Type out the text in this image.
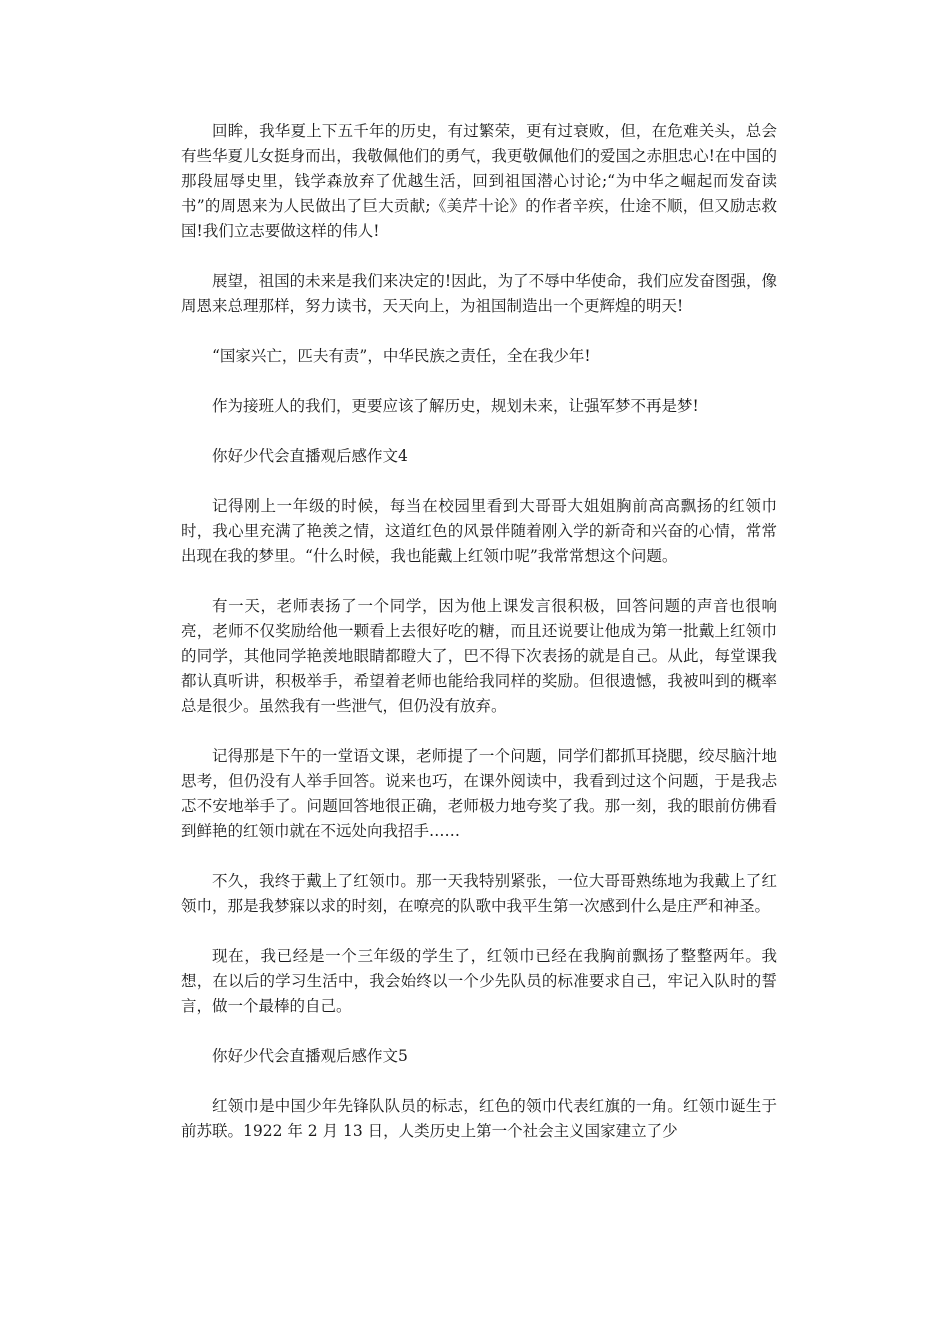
回眸，我华夏上下五千年的历史，有过繁荣，更有过衰败，但，在危难关头，总会有些华夏儿女挺身而出，我敬佩他们的勇气，我更敬佩他们的爱国之赤胆忠心!在中国的那段屈辱史里，钱学森放弃了优越生活，回到祖国潜心讨论;“为中华之崛起而发奋读书”的周恩来为人民做出了巨大贡献;《美芹十论》的作者辛疾，仕途不顺，但又励志救国!我们立志要做这样的伟人!

展望，祖国的未来是我们来决定的!因此，为了不辱中华使命，我们应发奋图强，像周恩来总理那样，努力读书，天天向上，为祖国制造出一个更辉煌的明天!

“国家兴亡，匹夫有责”，中华民族之责任，全在我少年!

作为接班人的我们，更要应该了解历史，规划未来，让强军梦不再是梦!

你好少代会直播观后感作文4

记得刚上一年级的时候，每当在校园里看到大哥哥大姐姐胸前高高飘扬的红领巾时，我心里充满了艳羡之情，这道红色的风景伴随着刚入学的新奇和兴奋的心情，常常出现在我的梦里。“什么时候，我也能戴上红领巾呢”我常常想这个问题。

有一天，老师表扬了一个同学，因为他上课发言很积极，回答问题的声音也很响亮，老师不仅奖励给他一颗看上去很好吃的糖，而且还说要让他成为第一批戴上红领巾的同学，其他同学艳羡地眼睛都瞪大了，巴不得下次表扬的就是自己。从此，每堂课我都认真听讲，积极举手，希望着老师也能给我同样的奖励。但很遗憾，我被叫到的概率总是很少。虽然我有一些泄气，但仍没有放弃。

记得那是下午的一堂语文课，老师提了一个问题，同学们都抓耳挠腮，绞尽脑汁地思考，但仍没有人举手回答。说来也巧，在课外阅读中，我看到过这个问题，于是我忐忑不安地举手了。问题回答地很正确，老师极力地夸奖了我。那一刻，我的眼前仿佛看到鲜艳的红领巾就在不远处向我招手……

不久，我终于戴上了红领巾。那一天我特别紧张，一位大哥哥熟练地为我戴上了红领巾，那是我梦寐以求的时刻，在嘹亮的队歌中我平生第一次感到什么是庄严和神圣。

现在，我已经是一个三年级的学生了，红领巾已经在我胸前飘扬了整整两年。我想，在以后的学习生活中，我会始终以一个少先队员的标准要求自己，牢记入队时的誓言，做一个最棒的自己。

你好少代会直播观后感作文5

红领巾是中国少年先锋队队员的标志，红色的领巾代表红旗的一角。红领巾诞生于前苏联。1922 年 2 月 13 日，人类历史上第一个社会主义国家建立了少
